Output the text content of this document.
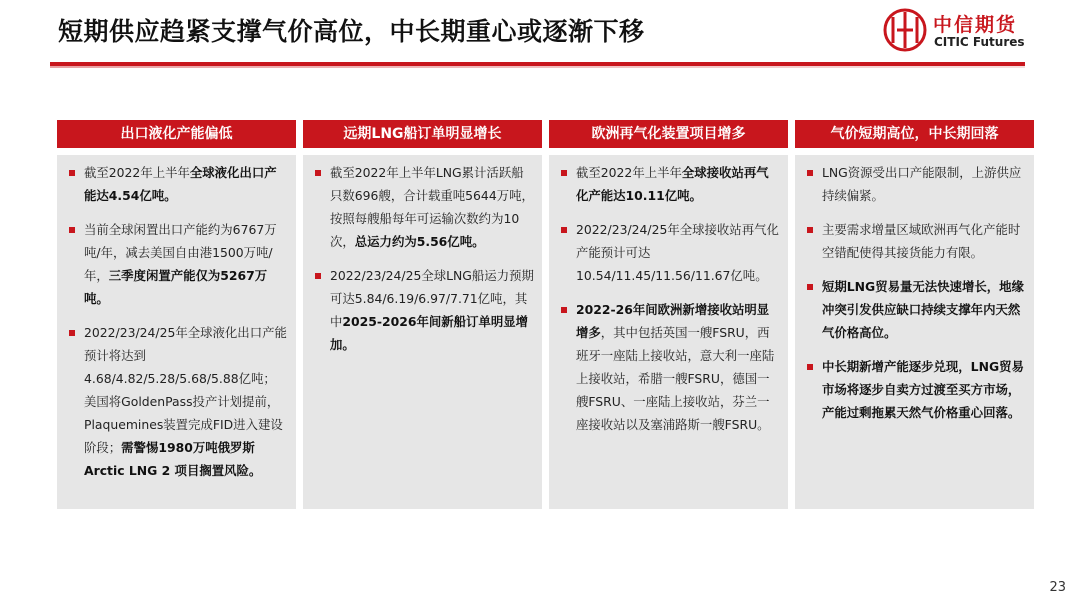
短期供应趋紧支撑气价高位，中长期重心或逐渐下移	中信期货
CITIC Futures
出口液化产能偏低
截至2022年上半年全球液化出口产能达4.54亿吨。
当前全球闲置出口产能约为6767万吨/年，减去美国自由港1500万吨/年，三季度闲置产能仅为5267万吨。
2022/23/24/25年全球液化出口产能预计将达到4.68/4.82/5.28/5.68/5.88亿吨；美国将GoldenPass投产计划提前，Plaquemines装置完成FID进入建设阶段；需警惕1980万吨俄罗斯Arctic LNG 2 项目搁置风险。
远期LNG船订单明显增长
截至2022年上半年LNG累计活跃船只数696艘，合计载重吨5644万吨，按照每艘船每年可运输次数约为10次，总运力约为5.56亿吨。
2022/23/24/25全球LNG船运力预期可达5.84/6.19/6.97/7.71亿吨，其中2025-2026年间新船订单明显增加。
欧洲再气化装置项目增多
截至2022年上半年全球接收站再气化产能达10.11亿吨。
2022/23/24/25年全球接收站再气化产能预计可达10.54/11.45/11.56/11.67亿吨。
2022-26年间欧洲新增接收站明显增多，其中包括英国一艘FSRU，西班牙一座陆上接收站，意大利一座陆上接收站，希腊一艘FSRU，德国一艘FSRU、一座陆上接收站，芬兰一座接收站以及塞浦路斯一艘FSRU。
气价短期高位，中长期回落
LNG资源受出口产能限制，上游供应持续偏紧。
主要需求增量区域欧洲再气化产能时空错配使得其接货能力有限。
短期LNG贸易量无法快速增长，地缘冲突引发供应缺口持续支撑年内天然气价格高位。
中长期新增产能逐步兑现，LNG贸易市场将逐步自卖方过渡至买方市场，产能过剩拖累天然气价格重心回落。
23
